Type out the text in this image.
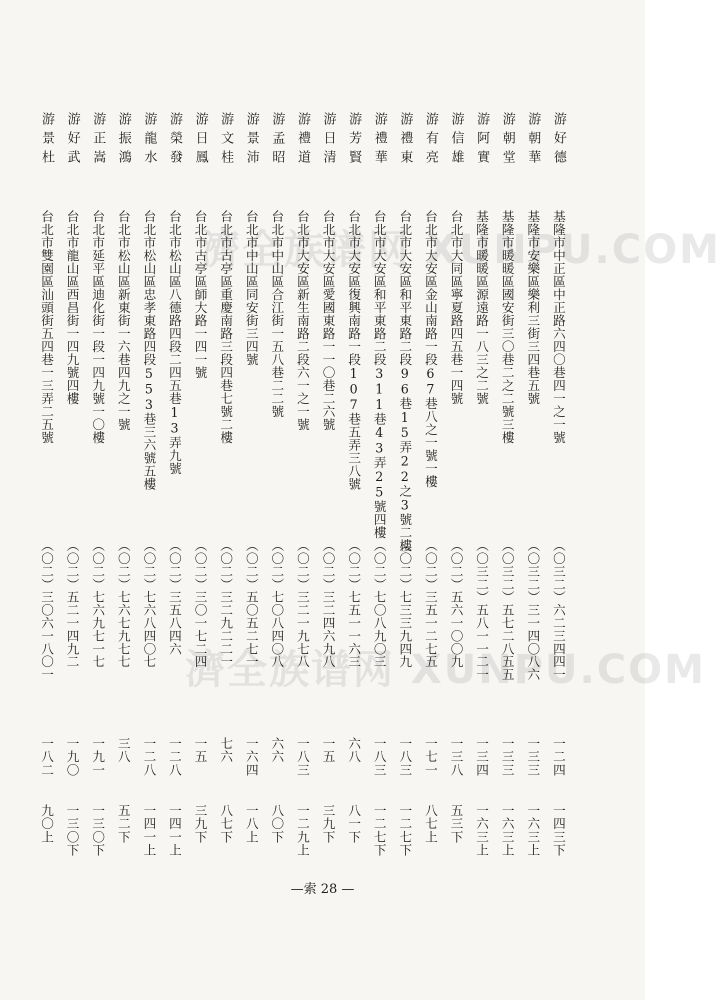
濟全族谱网 XUNPU.COM
濟全族谱网 XUNPU.COM
游好德
基隆市中正區中正路六四〇巷四一之一號
（〇三二）六二三四四一
一二四
一四三下
游朝華
基隆市安樂區樂利三街三四巷五號
（〇三二）三一四〇八六
一三三
一六三上
游朝堂
基隆市暖暖區國安街三〇巷二之二號三樓
（〇三二）五七二八五五
一三三
一六三上
游阿實
基隆市暖暖區源遠路一八三之二號
（〇三二）五八一一二一
一三四
一六三上
游信雄
台北市大同區寧夏路四五巷一四號
（〇二）五六一〇〇九
一三八
五三下
游有亮
台北市大安區金山南路一段67巷八之一號一樓
（〇二）三五一二七五
一七一
八七上
游禮東
台北市大安區和平東路二段96巷15弄22之3號二樓
（〇二）七三三九四九
一八三
一二七下
游禮華
台北市大安區和平東路二段311巷43弄25號四樓
（〇二）七〇八九〇三
一八三
一二七下
游芳賢
台北市大安區復興南路一段107巷五弄三八號
（〇二）七五一一六三
六八
八一下
游日清
台北市大安區愛國東路一一〇巷二六號
（〇二）三二四六九八
一五
三九下
游禮道
台北市大安區新生南路二段六一之一號
（〇二）三二一九七八
一八三
一二九上
游孟昭
台北市中山區合江街一五八巷二二號
（〇二）七〇八四〇八
六六
八〇下
游景沛
台北市中山區同安街三四號
（〇二）五〇五二七一
一六四
一八上
游文桂
台北市古亭區重慶南路三段四巷七號二樓
（〇二）三二九二二一
七六
八七下
游日鳳
台北市古亭區師大路一四一號
（〇二）三〇一七二四
一五
三九下
游榮發
台北市松山區八德路四段二四五巷13弄九號
（〇二）三五八四六
一二八
一四一上
游龍水
台北市松山區忠孝東路四段553巷三六號五樓
（〇二）七六八四〇七
一二八
一四一上
游振鴻
台北市松山區新東街一六巷四九之一號
（〇二）七六七九七七
三八
五二下
游正嵩
台北市延平區迪化街一段一四九號一〇樓
（〇二）七六九七一七
一九一
一三〇下
游好武
台北市龍山區西昌街一四九號四樓
（〇二）五二一四九二
一九〇
一三〇下
游景杜
台北市雙園區汕頭街五四巷一三弄二五號
（〇二）三〇六一八〇一
一八二
九〇上
—索 28 —
